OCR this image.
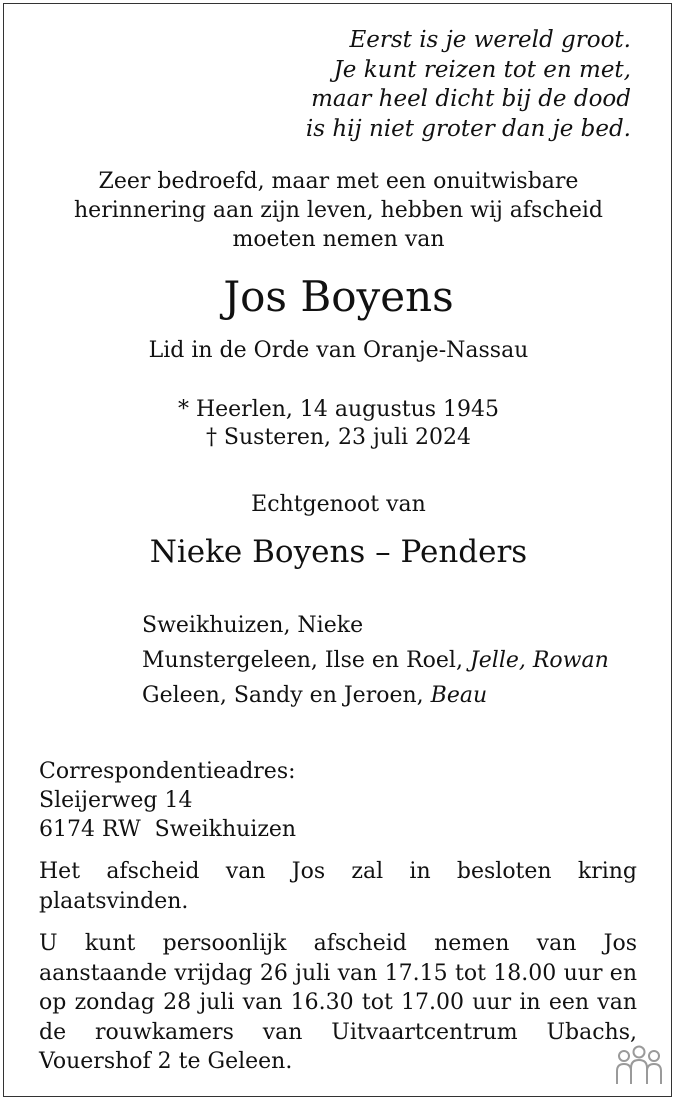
Eerst is je wereld groot.
Je kunt reizen tot en met,
maar heel dicht bij de dood
is hij niet groter dan je bed.
Zeer bedroefd, maar met een onuitwisbare
herinnering aan zijn leven, hebben wij afscheid
moeten nemen van
Jos Boyens
Lid in de Orde van Oranje-Nassau
* Heerlen, 14 augustus 1945
† Susteren, 23 juli 2024
Echtgenoot van
Nieke Boyens – Penders
Sweikhuizen, Nieke
Munstergeleen, Ilse en Roel, Jelle, Rowan
Geleen, Sandy en Jeroen, Beau
Correspondentieadres:
Sleijerweg 14
6174 RW  Sweikhuizen
Het afscheid van Jos zal in besloten kring plaatsvinden.
U kunt persoonlijk afscheid nemen van Jos aanstaande vrijdag 26 juli van 17.15 tot 18.00 uur en op zondag 28 juli van 16.30 tot 17.00 uur in een van de rouwkamers van Uitvaartcentrum Ubachs, Vouershof 2 te Geleen.
